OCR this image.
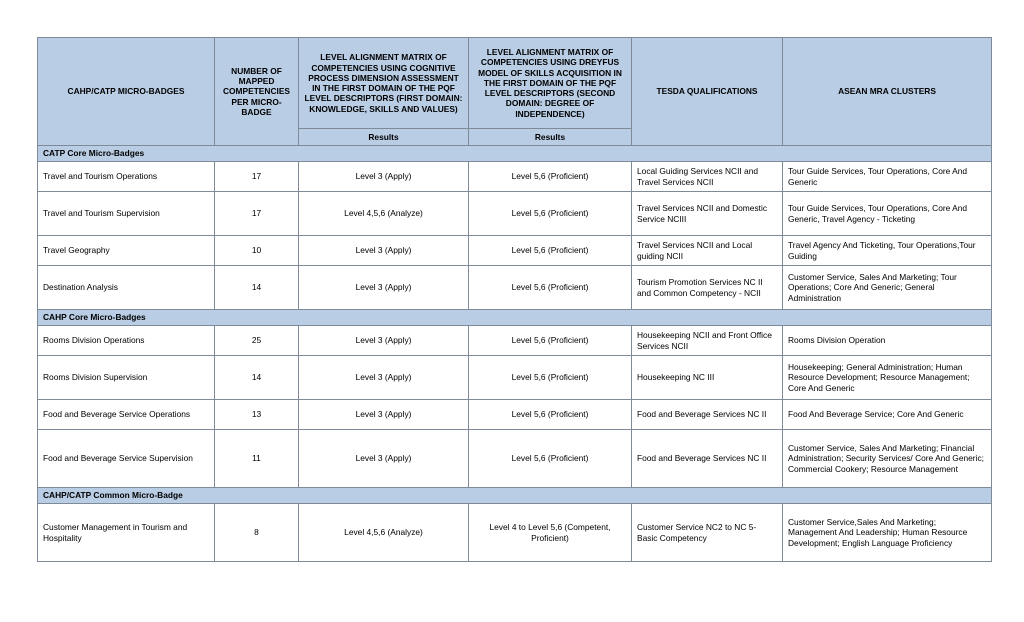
CAHP/CATP MICRO-BADGES	NUMBER OF MAPPED COMPETENCIES PER MICRO-BADGE	LEVEL ALIGNMENT MATRIX OF COMPETENCIES USING COGNITIVE PROCESS DIMENSION ASSESSMENT IN THE FIRST DOMAIN OF THE PQF LEVEL DESCRIPTORS (FIRST DOMAIN: KNOWLEDGE, SKILLS AND VALUES)	LEVEL ALIGNMENT MATRIX OF COMPETENCIES USING DREYFUS MODEL OF SKILLS ACQUISITION IN THE FIRST DOMAIN OF THE PQF LEVEL DESCRIPTORS (SECOND DOMAIN: DEGREE OF INDEPENDENCE)	TESDA QUALIFICATIONS	ASEAN MRA CLUSTERS
		Results	Results		
CATP Core Micro-Badges					
Travel and Tourism Operations	17	Level 3 (Apply)	Level 5,6 (Proficient)	Local Guiding Services NCII and Travel Services NCII	Tour Guide Services, Tour Operations, Core And Generic
Travel and Tourism Supervision	17	Level 4,5,6 (Analyze)	Level 5,6 (Proficient)	Travel Services NCII and Domestic Service NCIII	Tour Guide Services, Tour Operations, Core And Generic, Travel Agency - Ticketing
Travel Geography	10	Level 3 (Apply)	Level 5,6 (Proficient)	Travel Services NCII and Local guiding NCII	Travel Agency And Ticketing, Tour Operations,Tour Guiding
Destination Analysis	14	Level 3 (Apply)	Level 5,6 (Proficient)	Tourism Promotion Services NC II and Common Competency - NCII	Customer Service, Sales And Marketing; Tour Operations; Core And Generic; General Administration
CAHP Core Micro-Badges					
Rooms Division Operations	25	Level 3 (Apply)	Level 5,6 (Proficient)	Housekeeping NCII and Front Office Services NCII	Rooms Division Operation
Rooms Division Supervision	14	Level 3 (Apply)	Level 5,6 (Proficient)	Housekeeping NC III	Housekeeping; General Administration; Human Resource Development; Resource Management; Core And Generic
Food and Beverage Service Operations	13	Level 3 (Apply)	Level 5,6 (Proficient)	Food and Beverage Services NC II	Food And Beverage Service; Core And Generic
Food and Beverage Service Supervision	11	Level 3 (Apply)	Level 5,6 (Proficient)	Food and Beverage Services NC II	Customer Service, Sales And Marketing; Financial Administration; Security Services/ Core And Generic; Commercial Cookery; Resource Management
CAHP/CATP Common Micro-Badge					
Customer Management in Tourism and Hospitality	8	Level 4,5,6 (Analyze)	Level 4 to Level 5,6 (Competent, Proficient)	Customer Service NC2 to NC 5- Basic Competency	Customer Service,Sales And Marketing; Management And Leadership; Human Resource Development; English Language Proficiency
